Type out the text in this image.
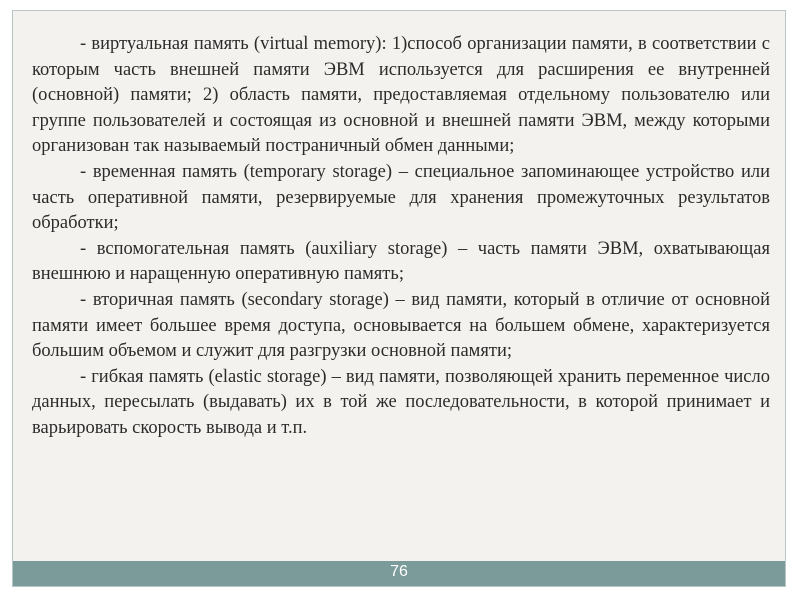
- виртуальная память (virtual memory): 1)способ организации памяти, в соответствии с которым часть внешней памяти ЭВМ используется для расширения ее внутренней (основной) памяти; 2) область памяти, предоставляемая отдельному пользователю или группе пользователей и состоящая из основной и внешней памяти ЭВМ, между которыми организован так называемый постраничный обмен данными;

- временная память (temporary storage) – специальное запоминающее устройство или часть оперативной памяти, резервируемые для хранения промежуточных результатов обработки;

- вспомогательная память (auxiliary storage) – часть памяти ЭВМ, охватывающая внешнюю и наращенную оперативную память;

- вторичная память (secondary storage) – вид памяти, который в отличие от основной памяти имеет большее время доступа, основывается на большем обмене, характеризуется большим объемом и служит для разгрузки основной памяти;

- гибкая память (elastic storage) – вид памяти, позволяющей хранить переменное число данных, пересылать (выдавать) их в той же последовательности, в которой принимает и варьировать скорость вывода и т.п.

76
